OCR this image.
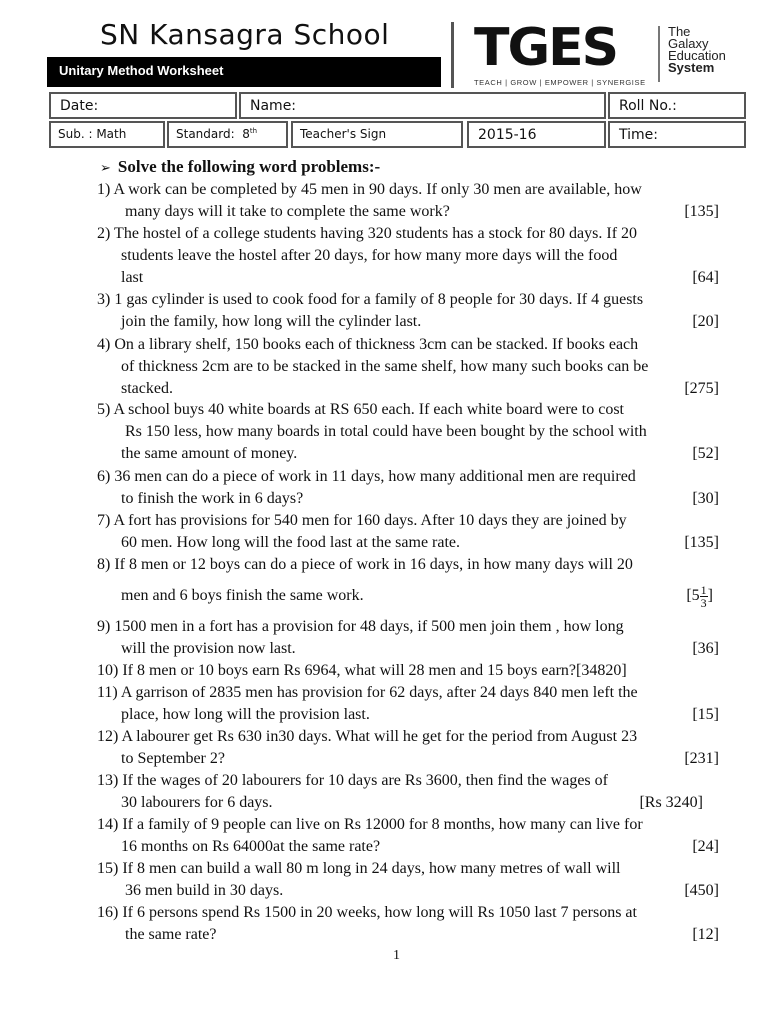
SN Kansagra School
Unitary Method Worksheet	TGES
TEACH | GROW | EMPOWER | SYNERGISE
The
Galaxy
Education
System
Date:	Name:	Roll No.:
Sub. : Math	Standard: 8th	Teacher's Sign	2015-16	Time:
➢ Solve the following word problems:-
1) A work can be completed by 45 men in 90 days. If only 30 men are available, how
many days will it take to complete the same work?	[135]
2) The hostel of a college students having 320 students has a stock for 80 days. If 20
students leave the hostel after 20 days, for how many more days will the food
last	[64]
3) 1 gas cylinder is used to cook food for a family of 8 people for 30 days. If 4 guests
join the family, how long will the cylinder last.	[20]
4) On a library shelf, 150 books each of thickness 3cm can be stacked. If books each
of thickness 2cm are to be stacked in the same shelf, how many such books can be
stacked.	[275]
5) A school buys 40 white boards at RS 650 each. If each white board were to cost
Rs 150 less, how many boards in total could have been bought by the school with
the same amount of money.	[52]
6) 36 men can do a piece of work in 11 days, how many additional men are required
to finish the work in 6 days?	[30]
7) A fort has provisions for 540 men for 160 days. After 10 days they are joined by
60 men. How long will the food last at the same rate.	[135]
8) If 8 men or 12 boys can do a piece of work in 16 days, in how many days will 20
men and 6 boys finish the same work.	[$5 \frac{1}{3}$ ]
9) 1500 men in a fort has a provision for 48 days, if 500 men join them , how long
will the provision now last.	[36]
10) If 8 men or 10 boys earn Rs 6964, what will 28 men and 15 boys earn?[34820]
11) A garrison of 2835 men has provision for 62 days, after 24 days 840 men left the
place, how long will the provision last.	[15]
12) A labourer get Rs 630 in30 days. What will he get for the period from August 23
to September 2?	[231]
13) If the wages of 20 labourers for 10 days are Rs 3600, then find the wages of
30 labourers for 6 days.	[Rs 3240]
14) If a family of 9 people can live on Rs 12000 for 8 months, how many can live for
16 months on Rs 64000at the same rate?	[24]
15) If 8 men can build a wall 80 m long in 24 days, how many metres of wall will
36 men build in 30 days.	[450]
16) If 6 persons spend Rs 1500 in 20 weeks, how long will Rs 1050 last 7 persons at
the same rate?	[12]
1
